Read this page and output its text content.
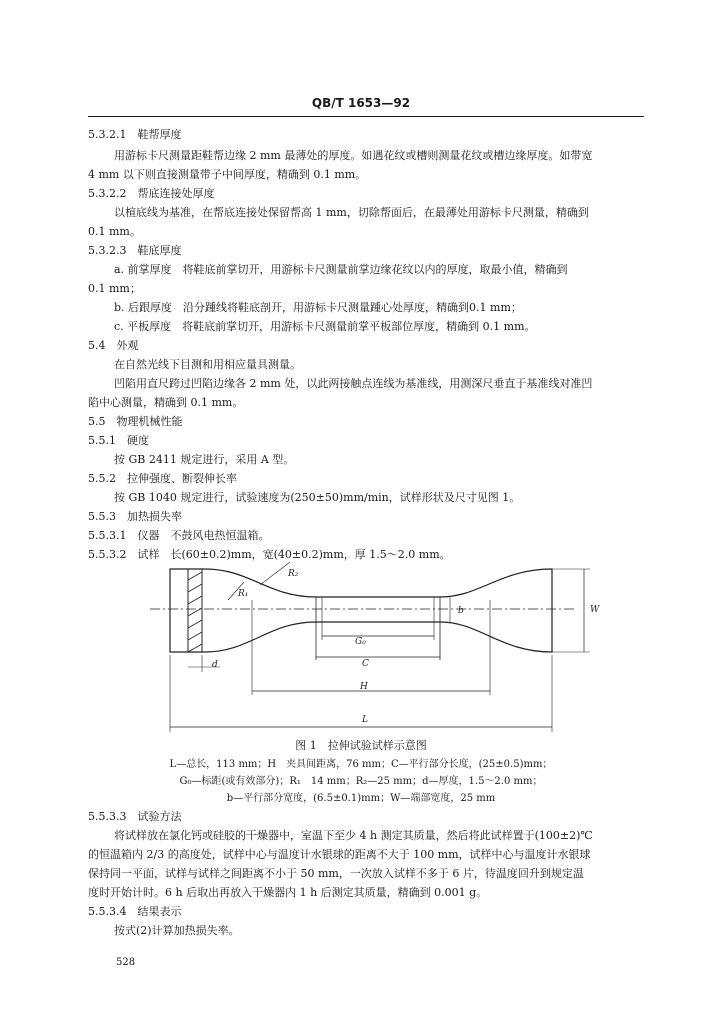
QB/T 1653—92
5.3.2.1　鞋帮厚度
用游标卡尺测量距鞋帮边缘 2 mm 最薄处的厚度。如遇花纹或槽则测量花纹或槽边缘厚度。如带宽
4 mm 以下则直接测量带子中间厚度，精确到 0.1 mm。
5.3.2.2　帮底连接处厚度
以楦底线为基准，在帮底连接处保留帮高 1 mm，切除帮面后，在最薄处用游标卡尺测量，精确到
0.1 mm。
5.3.2.3　鞋底厚度
a. 前掌厚度　将鞋底前掌切开，用游标卡尺测量前掌边缘花纹以内的厚度，取最小值，精确到
0.1 mm；
b. 后跟厚度　沿分踵线将鞋底剖开，用游标卡尺测量踵心处厚度，精确到0.1 mm；
c. 平板厚度　将鞋底前掌切开，用游标卡尺测量前掌平板部位厚度，精确到 0.1 mm。
5.4　外观
在自然光线下目测和用相应量具测量。
凹陷用直尺跨过凹陷边缘各 2 mm 处，以此两接触点连线为基准线，用测深尺垂直于基准线对准凹
陷中心测量，精确到 0.1 mm。
5.5　物理机械性能
5.5.1　硬度
按 GB 2411 规定进行，采用 A 型。
5.5.2　拉伸强度、断裂伸长率
按 GB 1040 规定进行，试验速度为(250±50)mm/min，试样形状及尺寸见图 1。
5.5.3　加热损失率
5.5.3.1　仪器　不鼓风电热恒温箱。
5.5.3.2　试样　长(60±0.2)mm，宽(40±0.2)mm，厚 1.5～2.0 mm。
R₂
R₁
b	W
G₀
C
H
L
d
图 1　拉伸试验试样示意图
L—总长，113 mm；H　夹具间距离，76 mm；C—平行部分长度，(25±0.5)mm；
G₀—标距(或有效部分)；R₁　14 mm；R₂—25 mm；d—厚度，1.5～2.0 mm；
b—平行部分宽度，(6.5±0.1)mm；W—端部宽度，25 mm
5.5.3.3　试验方法
将试样放在氯化钙或硅胶的干燥器中，室温下至少 4 h 测定其质量，然后将此试样置于(100±2)℃
的恒温箱内 2/3 的高度处，试样中心与温度计水银球的距离不大于 100 mm，试样中心与温度计水银球
保持同一平面，试样与试样之间距离不小于 50 mm，一次放入试样不多于 6 片，待温度回升到规定温
度时开始计时。6 h 后取出再放入干燥器内 1 h 后测定其质量，精确到 0.001 g。
5.5.3.4　结果表示
按式(2)计算加热损失率。
528
